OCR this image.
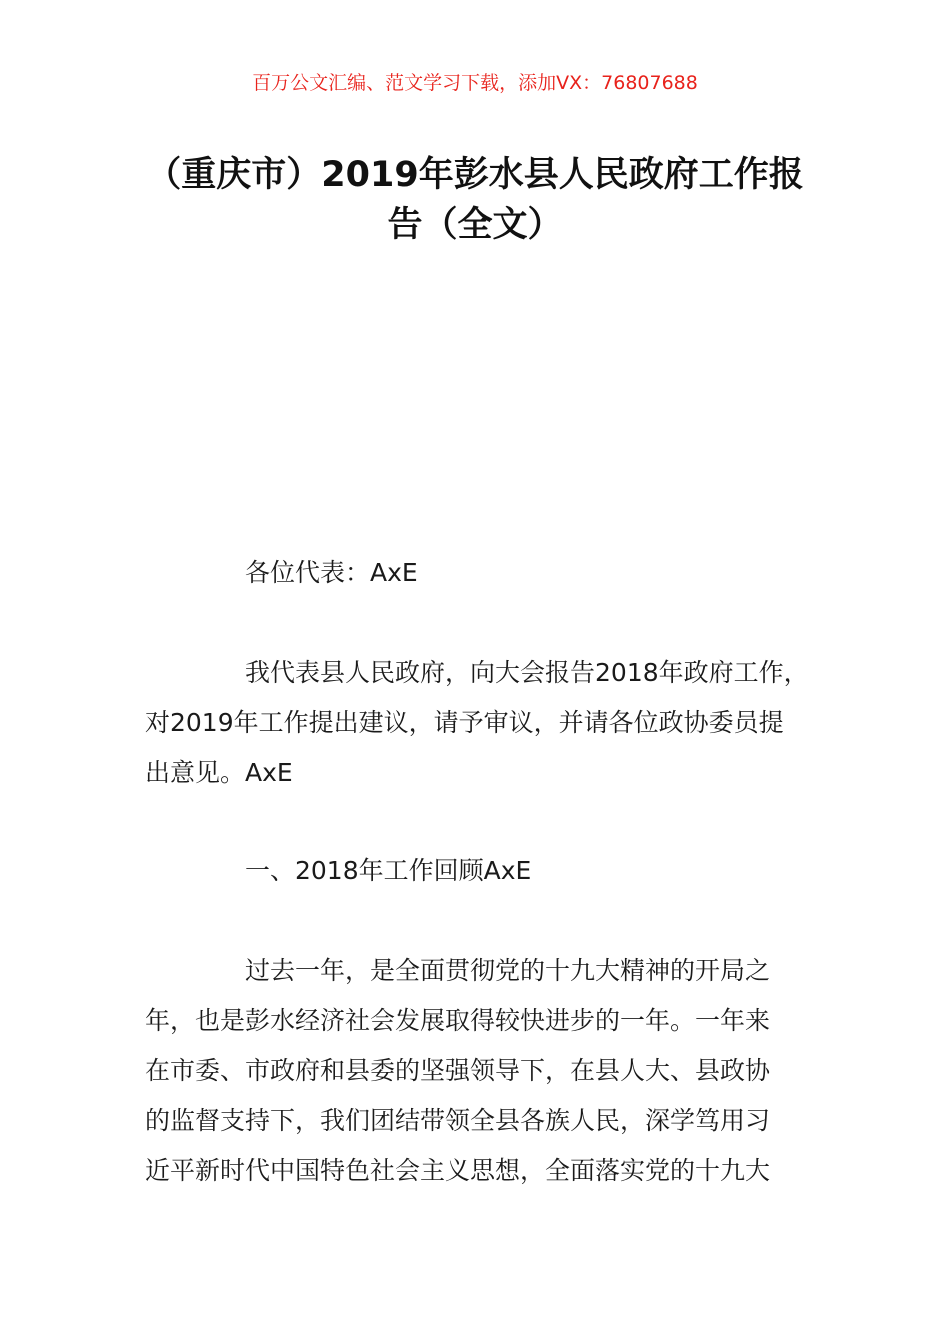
百万公文汇编、范文学习下载，添加VX：76807688
（重庆市）2019年彭水县人民政府工作报
告（全文）
各位代表：AxE
我代表县人民政府，向大会报告2018年政府工作，
对2019年工作提出建议，请予审议，并请各位政协委员提
出意见。AxE
一、2018年工作回顾AxE
过去一年，是全面贯彻党的十九大精神的开局之
年，也是彭水经济社会发展取得较快进步的一年。一年来
在市委、市政府和县委的坚强领导下，在县人大、县政协
的监督支持下，我们团结带领全县各族人民，深学笃用习
近平新时代中国特色社会主义思想，全面落实党的十九大
